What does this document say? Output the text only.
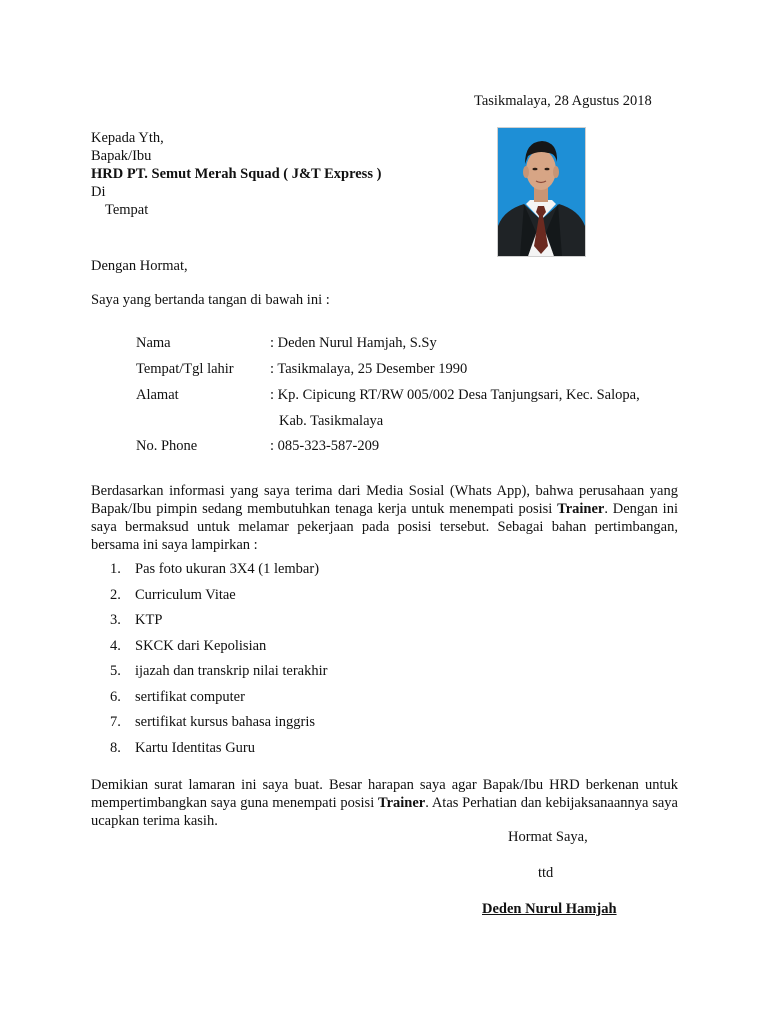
Tasikmalaya, 28 Agustus 2018
Kepada Yth,
Bapak/Ibu
HRD PT. Semut Merah Squad ( J&T Express )
Di
Tempat
Dengan Hormat,
Saya yang bertanda tangan di bawah ini :
Nama	: Deden Nurul Hamjah, S.Sy
Tempat/Tgl lahir	: Tasikmalaya, 25 Desember 1990
Alamat	: Kp. Cipicung RT/RW 005/002 Desa Tanjungsari, Kec. Salopa,
Kab. Tasikmalaya
No. Phone	: 085-323-587-209
Berdasarkan informasi yang saya terima dari Media Sosial (Whats App), bahwa perusahaan yang Bapak/Ibu pimpin sedang membutuhkan tenaga kerja untuk menempati posisi Trainer. Dengan ini saya bermaksud untuk melamar pekerjaan pada posisi tersebut. Sebagai bahan pertimbangan, bersama ini saya lampirkan :
1. Pas foto ukuran 3X4 (1 lembar)
2. Curriculum Vitae
3. KTP
4. SKCK dari Kepolisian
5. ijazah dan transkrip nilai terakhir
6. sertifikat computer
7. sertifikat kursus bahasa inggris
8. Kartu Identitas Guru
Demikian surat lamaran ini saya buat. Besar harapan saya agar Bapak/Ibu HRD berkenan untuk mempertimbangkan saya guna menempati posisi Trainer. Atas Perhatian dan kebijaksanaannya saya ucapkan terima kasih.
Hormat Saya,
ttd
Deden Nurul Hamjah
